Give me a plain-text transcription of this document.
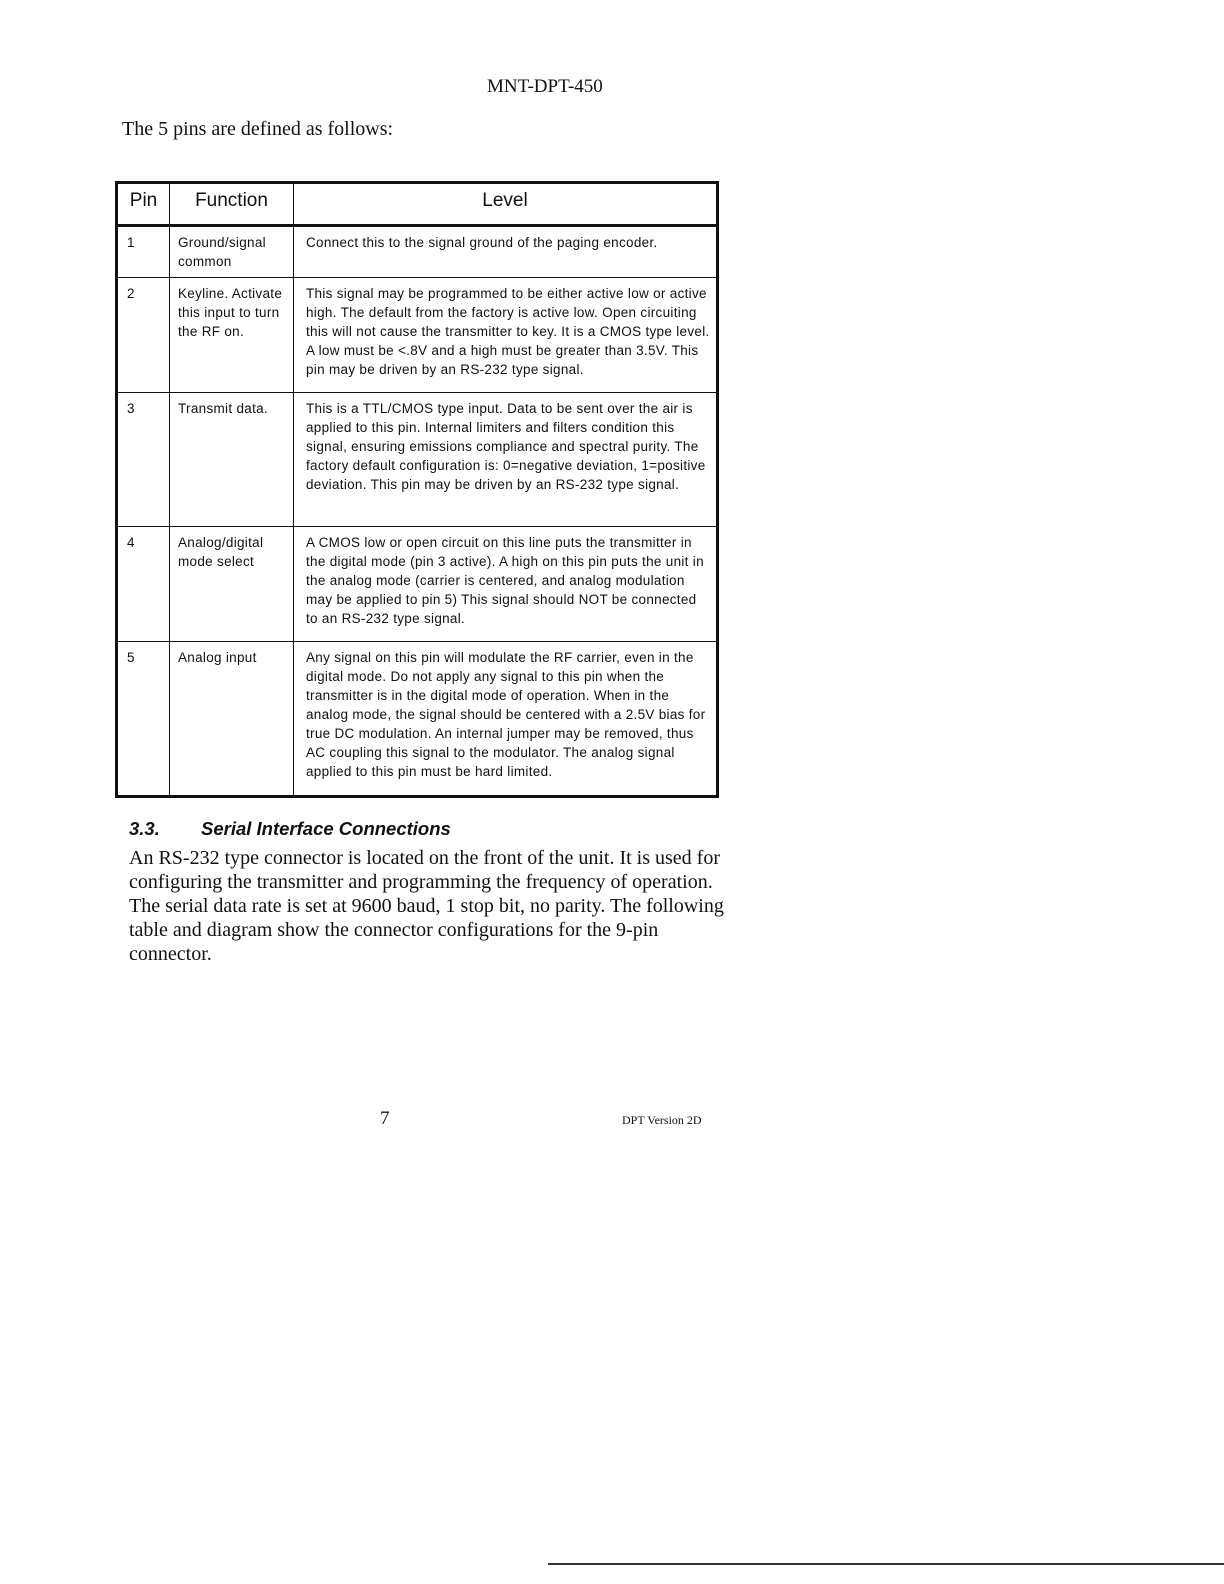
MNT-DPT-450
The 5 pins are defined as follows:
Pin	Function	Level
1	Ground/signal common	Connect this to the signal ground of the paging encoder.
2	Keyline. Activate this input to turn the RF on.	This signal may be programmed to be either active low or active high. The default from the factory is active low. Open circuiting this will not cause the transmitter to key. It is a CMOS type level. A low must be <.8V and a high must be greater than 3.5V. This pin may be driven by an RS-232 type signal.
3	Transmit data.	This is a TTL/CMOS type input. Data to be sent over the air is applied to this pin. Internal limiters and filters condition this signal, ensuring emissions compliance and spectral purity. The factory default configuration is: 0=negative deviation, 1=positive deviation. This pin may be driven by an RS-232 type signal.
4	Analog/digital mode select	A CMOS low or open circuit on this line puts the transmitter in the digital mode (pin 3 active). A high on this pin puts the unit in the analog mode (carrier is centered, and analog modulation may be applied to pin 5) This signal should NOT be connected to an RS-232 type signal.
5	Analog input	Any signal on this pin will modulate the RF carrier, even in the digital mode. Do not apply any signal to this pin when the transmitter is in the digital mode of operation. When in the analog mode, the signal should be centered with a 2.5V bias for true DC modulation. An internal jumper may be removed, thus AC coupling this signal to the modulator. The analog signal applied to this pin must be hard limited.
3.3. Serial Interface Connections

An RS-232 type connector is located on the front of the unit. It is used for configuring the transmitter and programming the frequency of operation. The serial data rate is set at 9600 baud, 1 stop bit, no parity. The following table and diagram show the connector configurations for the 9-pin connector.

7	DPT Version 2D
